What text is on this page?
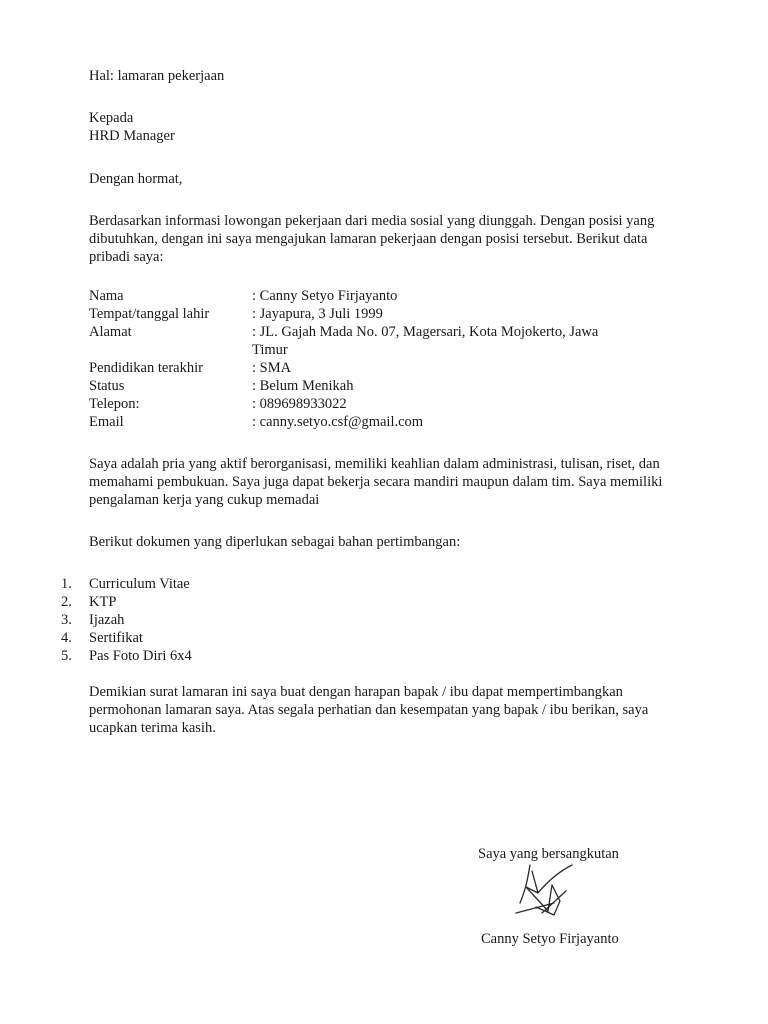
Hal: lamaran pekerjaan

Kepada
HRD Manager

Dengan hormat,

Berdasarkan informasi lowongan pekerjaan dari media sosial yang diunggah. Dengan posisi yang
dibutuhkan, dengan ini saya mengajukan lamaran pekerjaan dengan posisi tersebut. Berikut data
pribadi saya:

Nama	: Canny Setyo Firjayanto
Tempat/tanggal lahir	: Jayapura, 3 Juli 1999
Alamat	: JL. Gajah Mada No. 07, Magersari, Kota Mojokerto, Jawa
Timur
Pendidikan terakhir	: SMA
Status	: Belum Menikah
Telepon:	: 089698933022
Email	: canny.setyo.csf@gmail.com

Saya adalah pria yang aktif berorganisasi, memiliki keahlian dalam administrasi, tulisan, riset, dan
memahami pembukuan. Saya juga dapat bekerja secara mandiri maupun dalam tim. Saya memiliki
pengalaman kerja yang cukup memadai

Berikut dokumen yang diperlukan sebagai bahan pertimbangan:

1.	Curriculum Vitae
2.	KTP
3.	Ijazah
4.	Sertifikat
5.	Pas Foto Diri 6x4

Demikian surat lamaran ini saya buat dengan harapan bapak / ibu dapat mempertimbangkan
permohonan lamaran saya. Atas segala perhatian dan kesempatan yang bapak / ibu berikan, saya
ucapkan terima kasih.

Saya yang bersangkutan
Canny Setyo Firjayanto
